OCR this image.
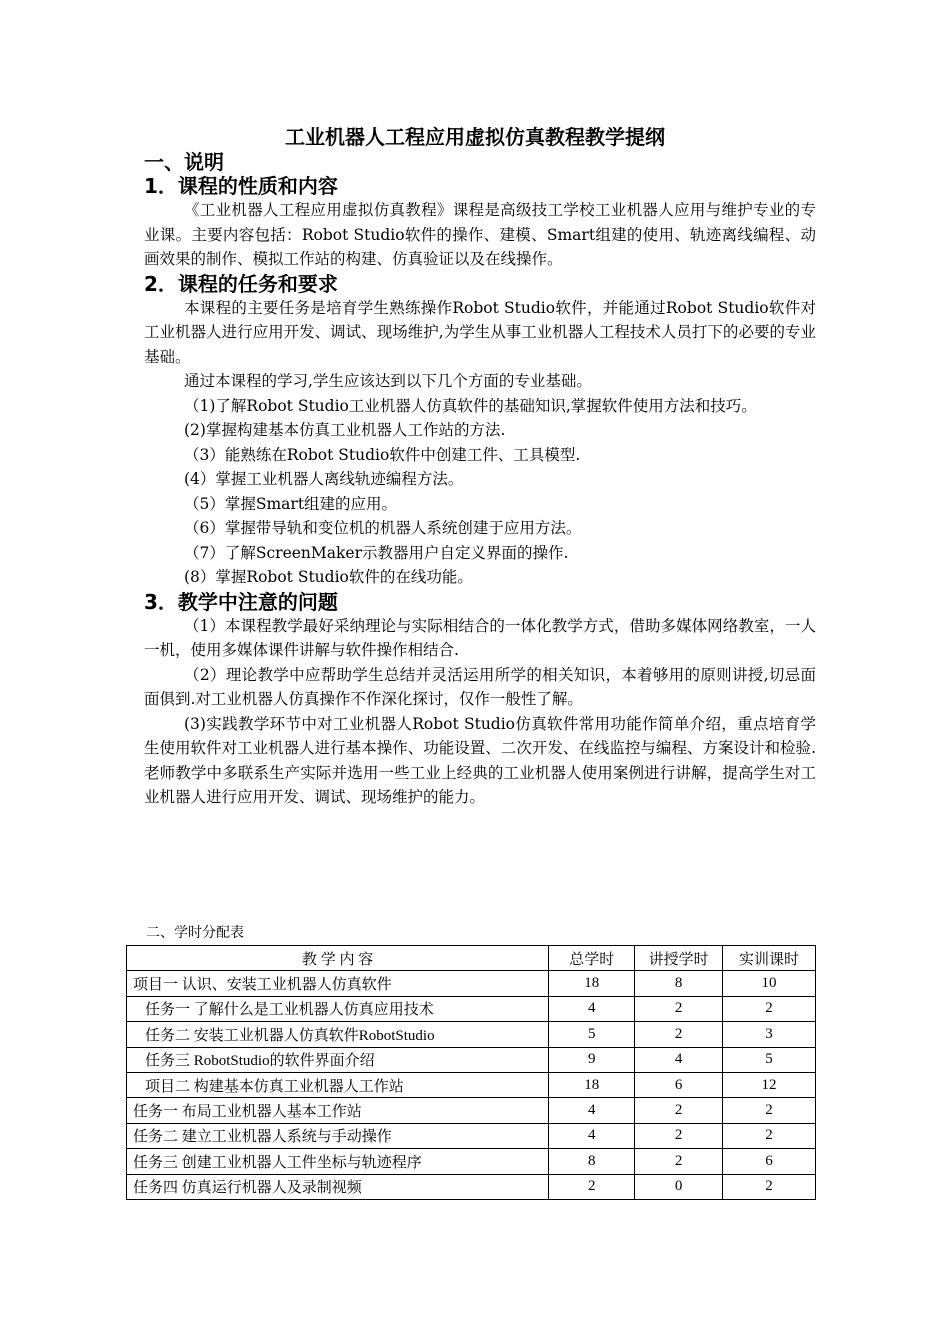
工业机器人工程应用虚拟仿真教程教学提纲

一、说明

1．课程的性质和内容

《工业机器人工程应用虚拟仿真教程》课程是高级技工学校工业机器人应用与维护专业的专业课。主要内容包括：Robot Studio软件的操作、建模、Smart组建的使用、轨迹离线编程、动画效果的制作、模拟工作站的构建、仿真验证以及在线操作。

2．课程的任务和要求

本课程的主要任务是培育学生熟练操作Robot Studio软件，并能通过Robot Studio软件对工业机器人进行应用开发、调试、现场维护,为学生从事工业机器人工程技术人员打下的必要的专业基础。

通过本课程的学习,学生应该达到以下几个方面的专业基础。

（1)了解Robot Studio工业机器人仿真软件的基础知识,掌握软件使用方法和技巧。

(2)掌握构建基本仿真工业机器人工作站的方法.

（3）能熟练在Robot Studio软件中创建工件、工具模型.

(4）掌握工业机器人离线轨迹编程方法。

（5）掌握Smart组建的应用。

（6）掌握带导轨和变位机的机器人系统创建于应用方法。

（7）了解ScreenMaker示教器用户自定义界面的操作.

(8）掌握Robot Studio软件的在线功能。

3．教学中注意的问题

（1）本课程教学最好采纳理论与实际相结合的一体化教学方式，借助多媒体网络教室，一人一机，使用多媒体课件讲解与软件操作相结合.

（2）理论教学中应帮助学生总结并灵活运用所学的相关知识，本着够用的原则讲授,切忌面面俱到.对工业机器人仿真操作不作深化探讨，仅作一般性了解。

(3)实践教学环节中对工业机器人Robot Studio仿真软件常用功能作简单介绍，重点培育学生使用软件对工业机器人进行基本操作、功能设置、二次开发、在线监控与编程、方案设计和检验.老师教学中多联系生产实际并选用一些工业上经典的工业机器人使用案例进行讲解，提高学生对工业机器人进行应用开发、调试、现场维护的能力。

二、学时分配表
教 学 内 容	总学时	讲授学时	实训课时
项目一 认识、安装工业机器人仿真软件	18	8	10
任务一 了解什么是工业机器人仿真应用技术	4	2	2
任务二 安装工业机器人仿真软件RobotStudio	5	2	3
任务三 RobotStudio的软件界面介绍	9	4	5
项目二 构建基本仿真工业机器人工作站	18	6	12
任务一 布局工业机器人基本工作站	4	2	2
任务二 建立工业机器人系统与手动操作	4	2	2
任务三 创建工业机器人工件坐标与轨迹程序	8	2	6
任务四 仿真运行机器人及录制视频	2	0	2
